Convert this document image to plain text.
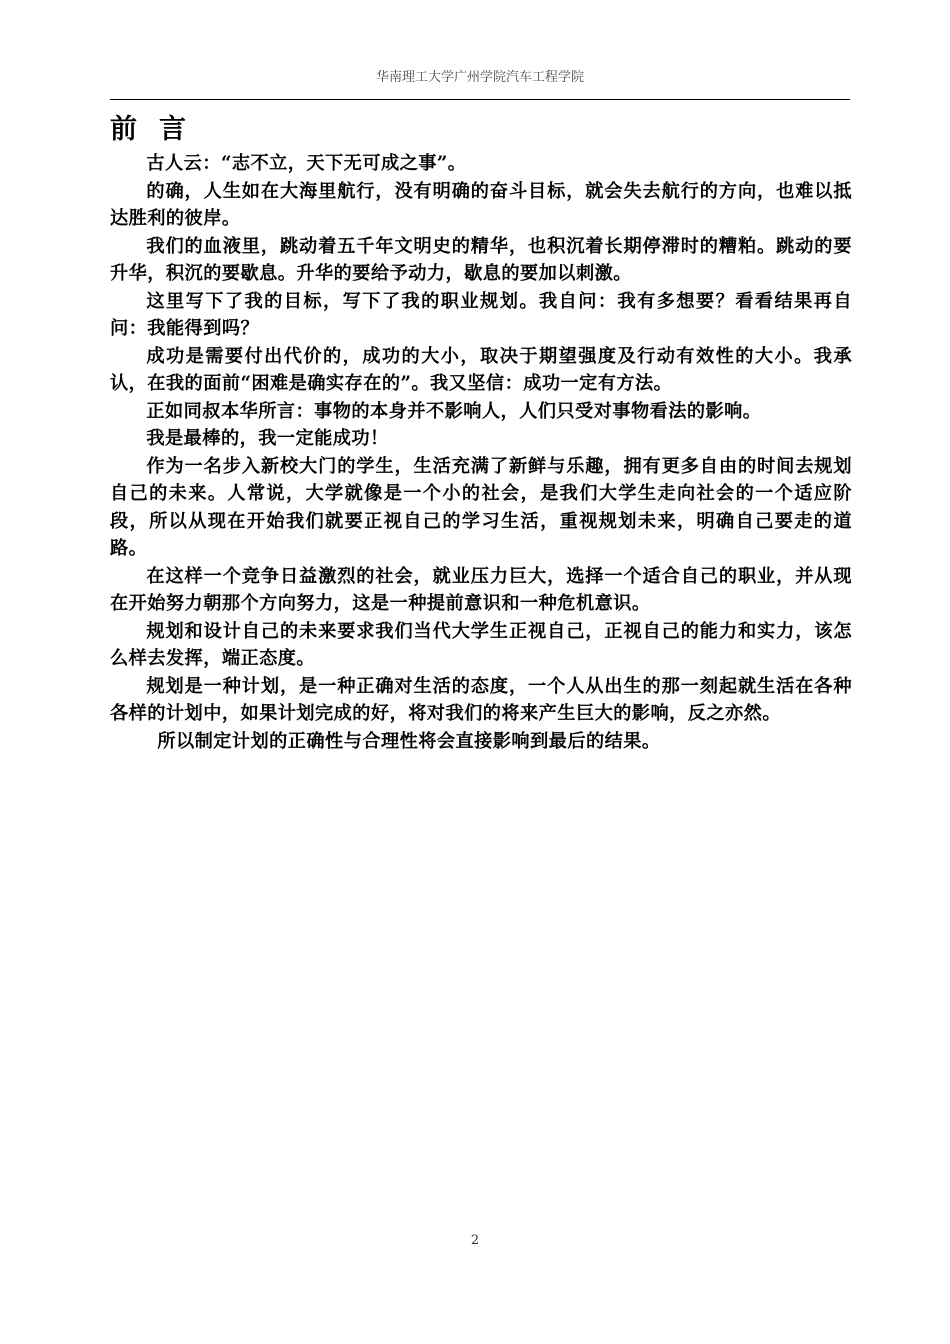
华南理工大学广州学院汽车工程学院
前言

古人云：“志不立，天下无可成之事”。

的确，人生如在大海里航行，没有明确的奋斗目标，就会失去航行的方向，也难以抵达胜利的彼岸。

我们的血液里，跳动着五千年文明史的精华，也积沉着长期停滞时的糟粕。跳动的要升华，积沉的要歇息。升华的要给予动力，歇息的要加以刺激。

这里写下了我的目标，写下了我的职业规划。我自问：我有多想要？看看结果再自问：我能得到吗？

成功是需要付出代价的，成功的大小，取决于期望强度及行动有效性的大小。我承认，在我的面前“困难是确实存在的”。我又坚信：成功一定有方法。

正如同叔本华所言：事物的本身并不影响人，人们只受对事物看法的影响。

我是最棒的，我一定能成功！

作为一名步入新校大门的学生，生活充满了新鲜与乐趣，拥有更多自由的时间去规划自己的未来。人常说，大学就像是一个小的社会，是我们大学生走向社会的一个适应阶段，所以从现在开始我们就要正视自己的学习生活，重视规划未来，明确自己要走的道路。

在这样一个竞争日益激烈的社会，就业压力巨大，选择一个适合自己的职业，并从现在开始努力朝那个方向努力，这是一种提前意识和一种危机意识。

规划和设计自己的未来要求我们当代大学生正视自己，正视自己的能力和实力，该怎么样去发挥，端正态度。

规划是一种计划，是一种正确对生活的态度，一个人从出生的那一刻起就生活在各种各样的计划中，如果计划完成的好，将对我们的将来产生巨大的影响，反之亦然。

所以制定计划的正确性与合理性将会直接影响到最后的结果。

2
